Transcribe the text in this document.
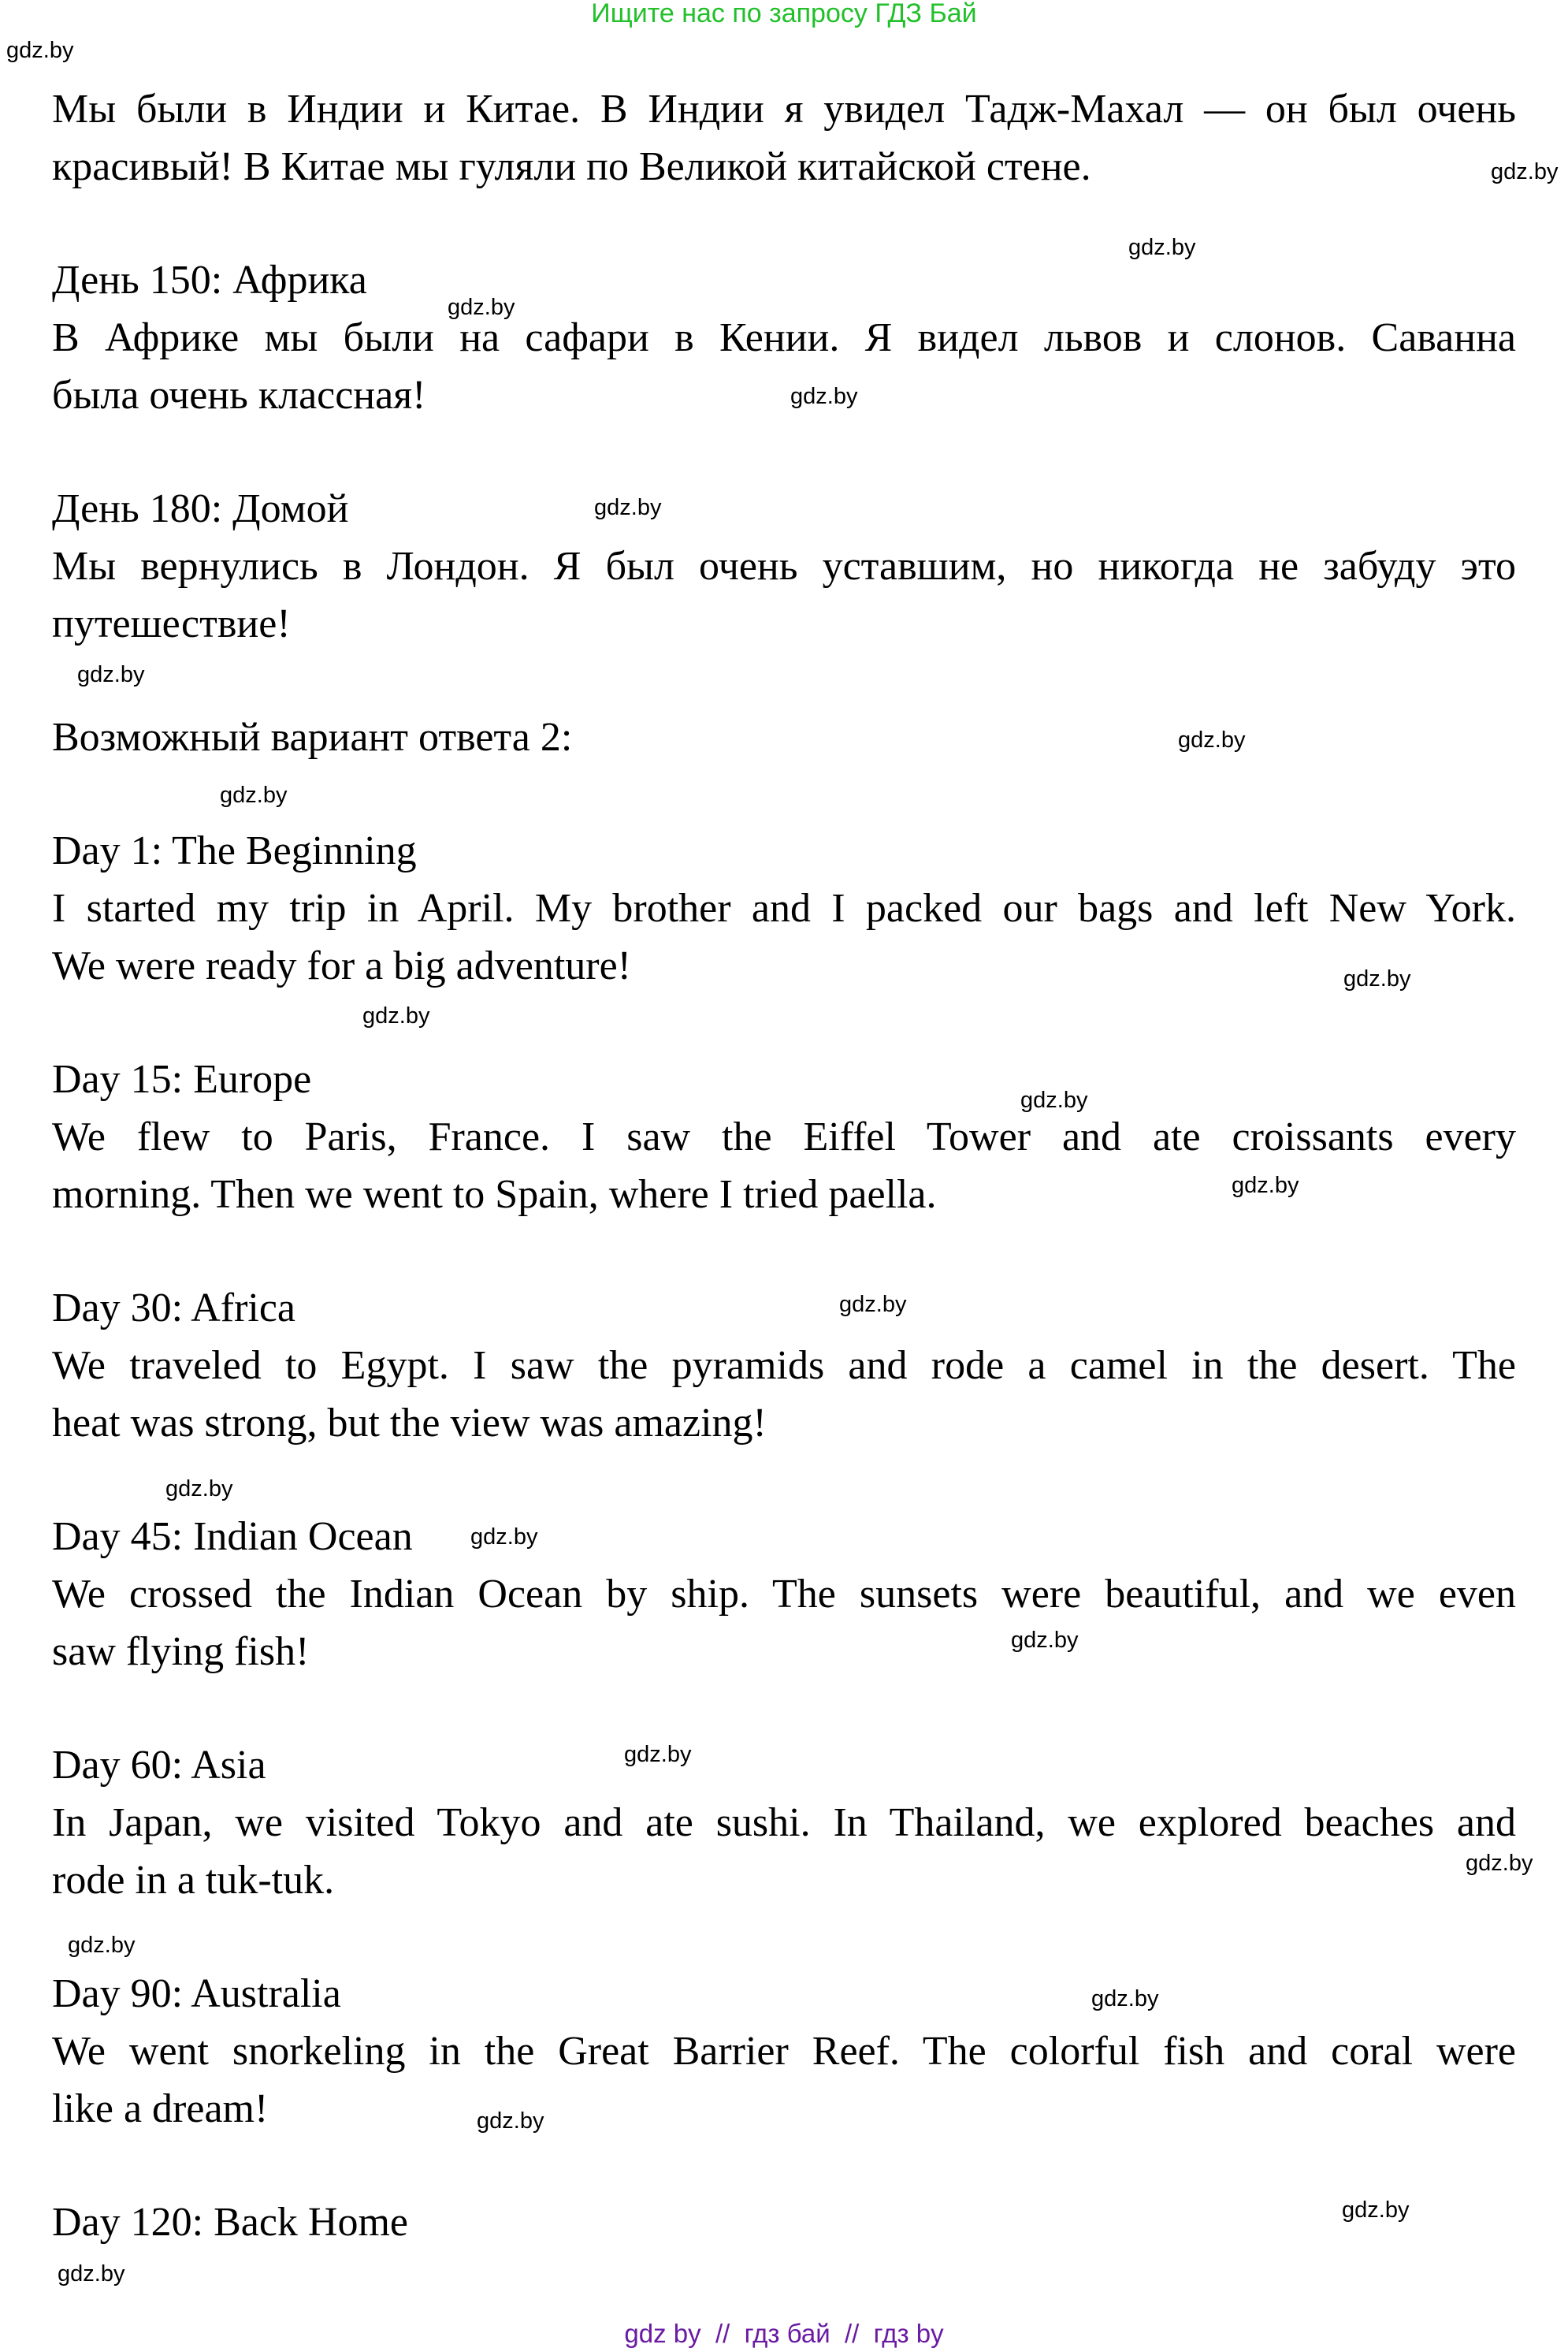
Ищите нас по запросу ГДЗ Бай
gdz.by
gdz.by
gdz.by
gdz.by
gdz.by
gdz.by
gdz.by
gdz.by
gdz.by
gdz.by
gdz.by
gdz.by
gdz.by
gdz.by
gdz.by
gdz.by
gdz.by
gdz.by
gdz.by
gdz.by
gdz.by
gdz.by
gdz.by
gdz.by
Мы были в Индии и Китае. В Индии я увидел Тадж-Махал — он был очень
красивый! В Китае мы гуляли по Великой китайской стене.
День 150: Африка
В Африке мы были на сафари в Кении. Я видел львов и слонов. Саванна
была очень классная!
День 180: Домой
Мы вернулись в Лондон. Я был очень уставшим, но никогда не забуду это
путешествие!
Возможный вариант ответа 2:
Day 1: The Beginning
I started my trip in April. My brother and I packed our bags and left New York.
We were ready for a big adventure!
Day 15: Europe
We flew to Paris, France. I saw the Eiffel Tower and ate croissants every
morning. Then we went to Spain, where I tried paella.
Day 30: Africa
We traveled to Egypt. I saw the pyramids and rode a camel in the desert. The
heat was strong, but the view was amazing!
Day 45: Indian Ocean
We crossed the Indian Ocean by ship. The sunsets were beautiful, and we even
saw flying fish!
Day 60: Asia
In Japan, we visited Tokyo and ate sushi. In Thailand, we explored beaches and
rode in a tuk-tuk.
Day 90: Australia
We went snorkeling in the Great Barrier Reef. The colorful fish and coral were
like a dream!
Day 120: Back Home
gdz by  //  гдз бай  //  гдз by
